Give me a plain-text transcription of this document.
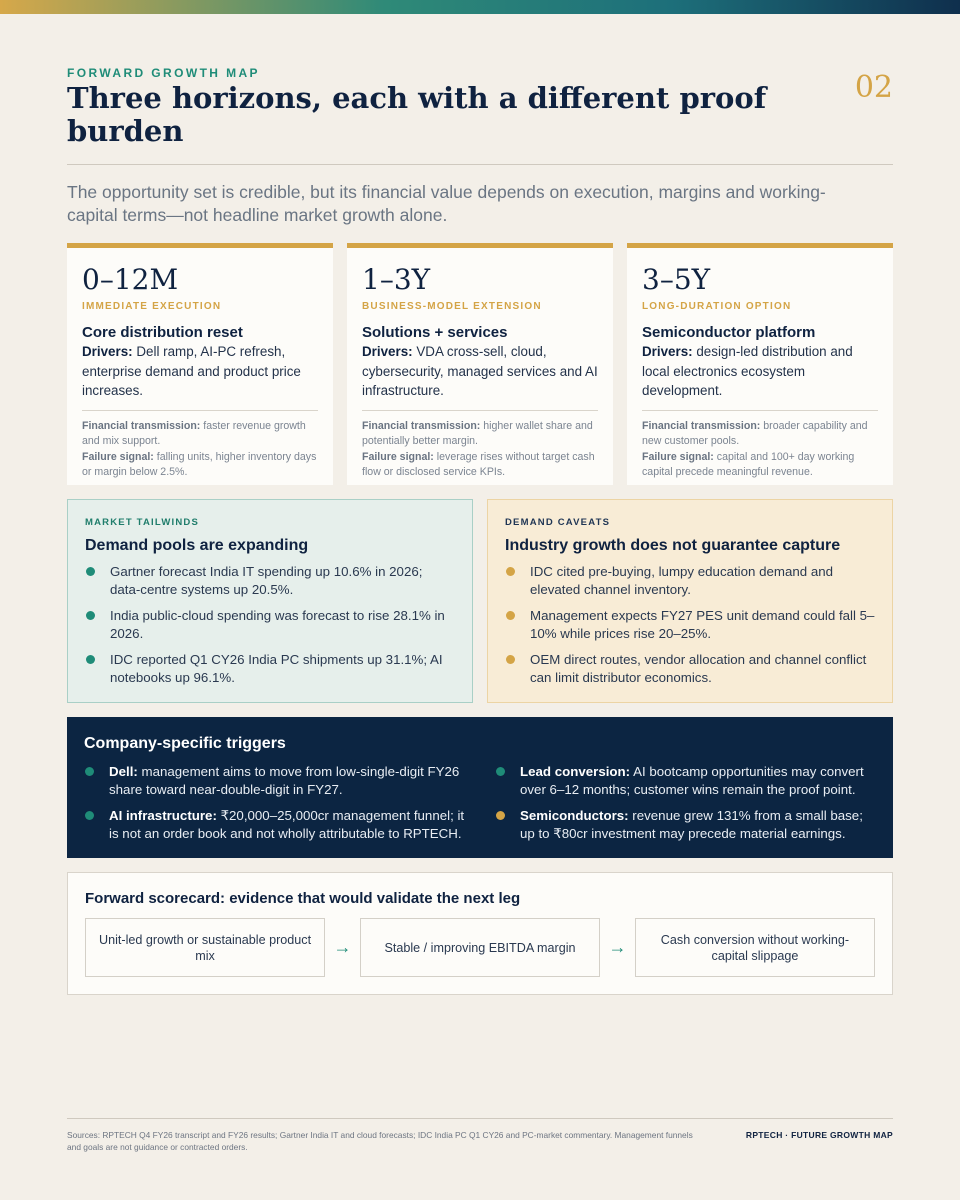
FORWARD GROWTH MAP	02
Three horizons, each with a different proof burden

The opportunity set is credible, but its financial value depends on execution, margins and working-capital terms—not headline market growth alone.

0–12M
IMMEDIATE EXECUTION
Core distribution reset
Drivers: Dell ramp, AI-PC refresh, enterprise demand and product price increases.
Financial transmission: faster revenue growth and mix support.
Failure signal: falling units, higher inventory days or margin below 2.5%.
1–3Y
BUSINESS-MODEL EXTENSION
Solutions + services
Drivers: VDA cross-sell, cloud, cybersecurity, managed services and AI infrastructure.
Financial transmission: higher wallet share and potentially better margin.
Failure signal: leverage rises without target cash flow or disclosed service KPIs.
3–5Y
LONG-DURATION OPTION
Semiconductor platform
Drivers: design-led distribution and local electronics ecosystem development.
Financial transmission: broader capability and new customer pools.
Failure signal: capital and 100+ day working capital precede meaningful revenue.
MARKET TAILWINDS
Demand pools are expanding
Gartner forecast India IT spending up 10.6% in 2026; data-centre systems up 20.5%.
India public-cloud spending was forecast to rise 28.1% in 2026.
IDC reported Q1 CY26 India PC shipments up 31.1%; AI notebooks up 96.1%.
DEMAND CAVEATS
Industry growth does not guarantee capture
IDC cited pre-buying, lumpy education demand and elevated channel inventory.
Management expects FY27 PES unit demand could fall 5–10% while prices rise 20–25%.
OEM direct routes, vendor allocation and channel conflict can limit distributor economics.
Company-specific triggers
Dell: management aims to move from low-single-digit FY26 share toward near-double-digit in FY27.
AI infrastructure: ₹20,000–25,000cr management funnel; it is not an order book and not wholly attributable to RPTECH.
Lead conversion: AI bootcamp opportunities may convert over 6–12 months; customer wins remain the proof point.
Semiconductors: revenue grew 131% from a small base; up to ₹80cr investment may precede material earnings.
Forward scorecard: evidence that would validate the next leg
Unit-led growth or sustainable product mix	→	Stable / improving EBITDA margin	→	Cash conversion without working-capital slippage
Sources: RPTECH Q4 FY26 transcript and FY26 results; Gartner India IT and cloud forecasts; IDC India PC Q1 CY26 and PC-market commentary. Management funnels and goals are not guidance or contracted orders.
RPTECH · FUTURE GROWTH MAP
